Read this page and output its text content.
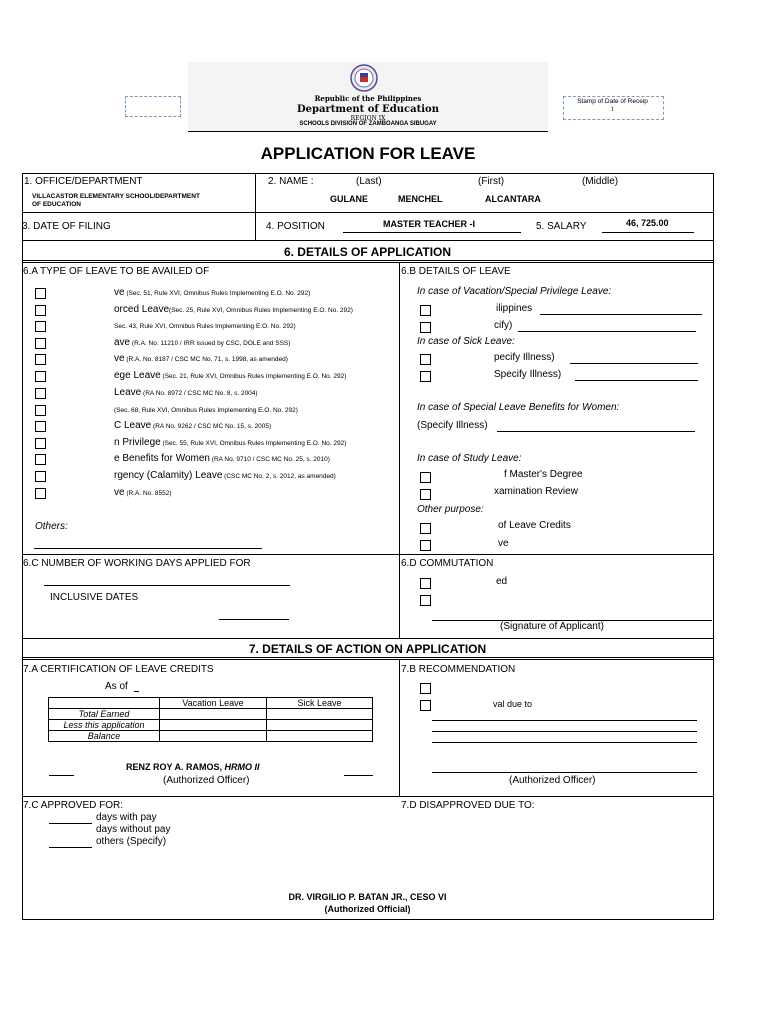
Republic of the Philippines
Department of Education
REGION IX
SCHOOLS DIVISION OF ZAMBOANGA SIBUGAY
Stamp of Date of Receip
t
APPLICATION FOR LEAVE
1. OFFICE/DEPARTMENT
VILLACASTOR ELEMENTARY SCHOOL/DEPARTMENT
OF EDUCATION
2. NAME :	(Last)	(First)	(Middle)
GULANE	MENCHEL	ALCANTARA
3. DATE OF FILING	4. POSITION	MASTER TEACHER -I	5. SALARY	46, 725.00
6. DETAILS OF APPLICATION
6.A TYPE OF LEAVE TO BE AVAILED OF
ve (Sec. 51, Rule XVI, Omnibus Rules Implementing E.O. No. 292)
orced Leave(Sec. 25, Rule XVI, Omnibus Rules Implementing E.O. No. 292)
Sec. 43, Rule XVI, Omnibus Rules Implementing E.O. No. 292)
ave (R.A. No. 11210 / IRR issued by CSC, DOLE and SSS)
ve (R.A. No. 8187 / CSC MC No. 71, s. 1998, as amended)
ege Leave (Sec. 21, Rule XVI, Omnibus Rules Implementing E.O. No. 292)
Leave (RA No. 8972 / CSC MC No. 8, s. 2004)
(Sec. 68, Rule XVI, Omnibus Rules Implementing E.O. No. 292)
C Leave (RA No. 9262 / CSC MC No. 15, s. 2005)
n Privilege (Sec. 55, Rule XVI, Omnibus Rules Implementing E.O. No. 292)
e Benefits for Women (RA No. 9710 / CSC MC No. 25, s. 2010)
rgency (Calamity) Leave (CSC MC No. 2, s. 2012, as amended)
ve (R.A. No. 8552)
Others:
6.B DETAILS OF LEAVE
In case of Vacation/Special Privilege Leave:
ilippines
cify)
In case of Sick Leave:
pecify Illness)
Specify Illness)
In case of Special Leave Benefits for Women:
(Specify Illness)
In case of Study Leave:
f Master's Degree
xamination Review
Other purpose:
of Leave Credits
ve
6.C NUMBER OF WORKING DAYS APPLIED FOR
INCLUSIVE DATES
6.D COMMUTATION
ed
(Signature of Applicant)
7. DETAILS OF ACTION ON APPLICATION
7.A CERTIFICATION OF LEAVE CREDITS
As of
	Vacation Leave	Sick Leave
Total Earned		
Less this application		
Balance		
RENZ ROY A. RAMOS, HRMO II
(Authorized Officer)
7.B RECOMMENDATION
val due to
(Authorized Officer)
7.C APPROVED FOR:
days with pay
days without pay
others (Specify)
7.D DISAPPROVED DUE TO:
DR. VIRGILIO P. BATAN JR., CESO VI
(Authorized Official)
